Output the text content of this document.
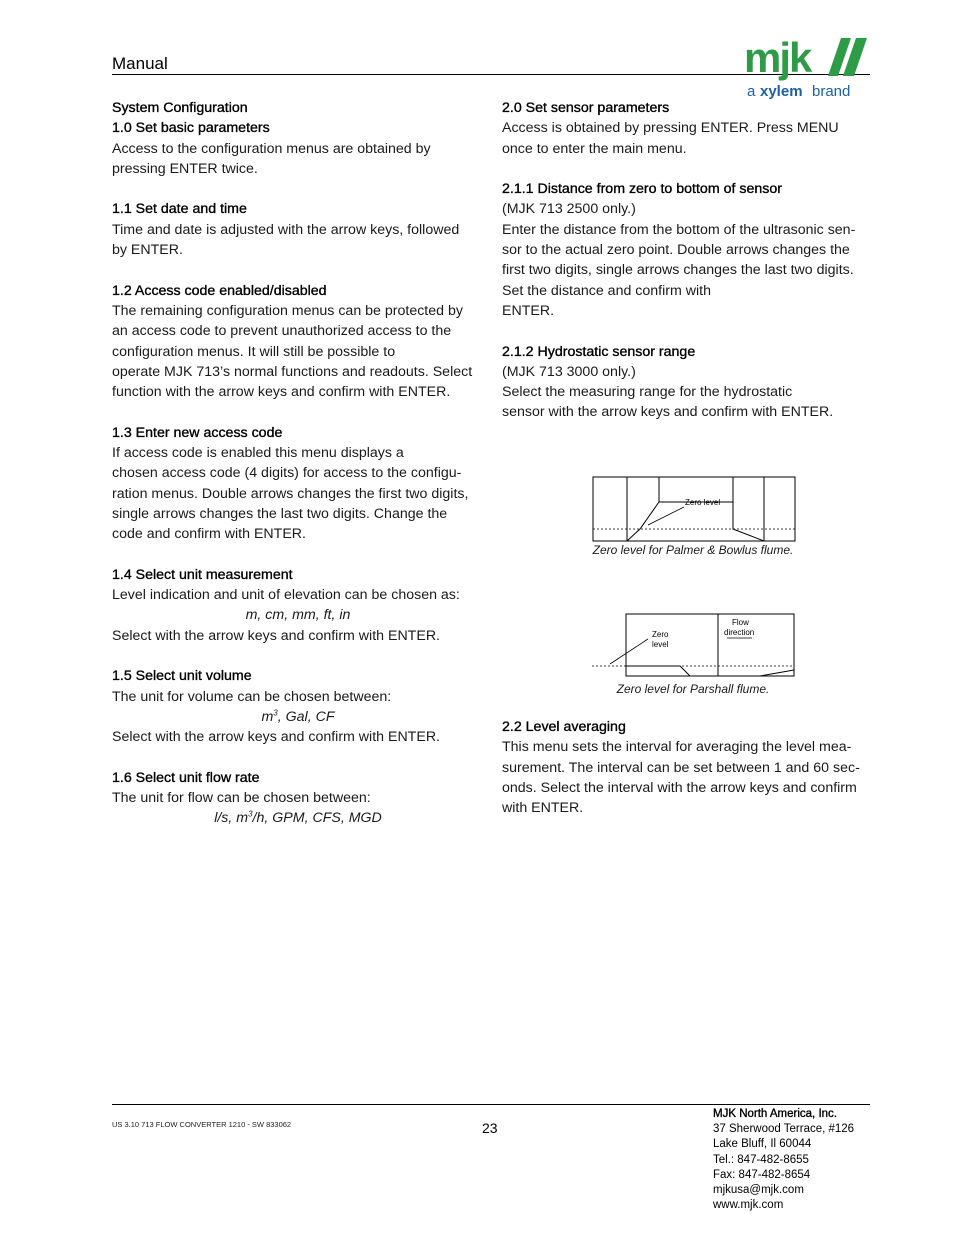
Manual	mjk
a xylem brand

System Configuration

1.0 Set basic parameters

Access to the configuration menus are obtained by

pressing ENTER twice.

1.1 Set date and time

Time and date is adjusted with the arrow keys, followed

by ENTER.

1.2 Access code enabled/disabled

The remaining configuration menus can be protected by

an access code to prevent unauthorized access to the

configuration menus. It will still be possible to

operate MJK 713’s normal functions and readouts. Select

function with the arrow keys and confirm with ENTER.

1.3 Enter new access code

If access code is enabled this menu displays a

chosen access code (4 digits) for access to the configu-

ration menus. Double arrows changes the first two digits,

single arrows changes the last two digits. Change the

code and confirm with ENTER.

1.4 Select unit measurement

Level indication and unit of elevation can be chosen as:

m, cm, mm, ft, in

Select with the arrow keys and confirm with ENTER.

1.5 Select unit volume

The unit for volume can be chosen between:

$m^3$, Gal, CF

Select with the arrow keys and confirm with ENTER.

1.6 Select unit flow rate

The unit for flow can be chosen between:

l/s, $m^3/h$, GPM, CFS, MGD

2.0 Set sensor parameters

Access is obtained by pressing ENTER. Press MENU

once to enter the main menu.

2.1.1 Distance from zero to bottom of sensor

(MJK 713 2500 only.)

Enter the distance from the bottom of the ultrasonic sen-

sor to the actual zero point. Double arrows changes the

first two digits, single arrows changes the last two digits.

Set the distance and confirm with

ENTER.

2.1.2 Hydrostatic sensor range

(MJK 713 3000 only.)

Select the measuring range for the hydrostatic

sensor with the arrow keys and confirm with ENTER.

Zero level
Zero level for Palmer & Bowlus flume.
Zero
level
Flow
direction
Zero level for Parshall flume.

2.2 Level averaging

This menu sets the interval for averaging the level mea-

surement. The interval can be set between 1 and 60 sec-

onds. Select the interval with the arrow keys and confirm

with ENTER.

US 3.10 713 FLOW CONVERTER 1210 - SW 833062	23
MJK North America, Inc.
37 Sherwood Terrace, #126
Lake Bluff, Il 60044
Tel.: 847-482-8655
Fax: 847-482-8654
mjkusa@mjk.com
www.mjk.com
